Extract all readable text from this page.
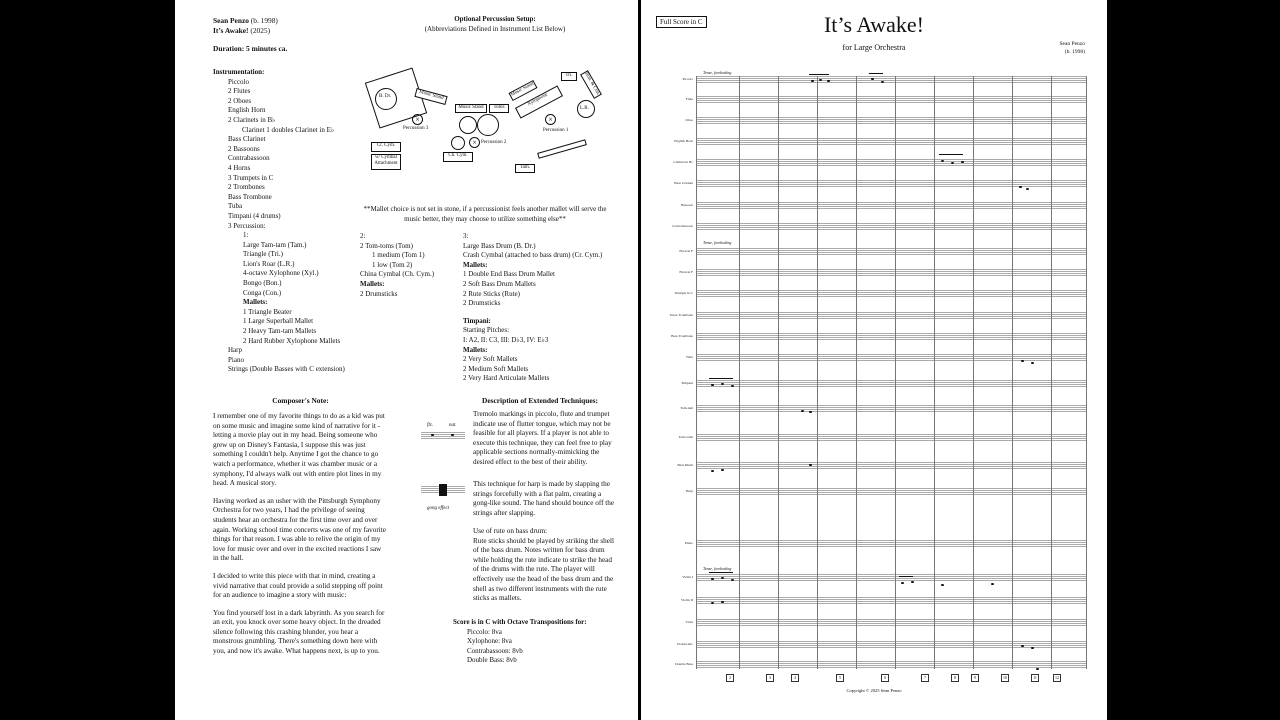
Sean Penzo (b. 1998)
It’s Awake! (2025)
Duration: 5 minutes ca.
Instrumentation:
Piccolo
2 Flutes
2 Oboes
English Horn
2 Clarinets in B♭
Clarinet 1 doubles Clarinet in E♭
Bass Clarinet
2 Bassoons
Contrabassoon
4 Horns
3 Trumpets in C
2 Trombones
Bass Trombone
Tuba
Timpani (4 drums)
3 Percussion:
1:
Large Tam-tam (Tam.)
Triangle (Tri.)
Lion's Roar (L.R.)
4-octave Xylophone (Xyl.)
Bongo (Bon.)
Conga (Con.)
Mallets:
1 Triangle Beater
1 Large Superball Mallet
2 Heavy Tam-tam Mallets
2 Hard Rubber Xylophone Mallets
Harp
Piano
Strings (Double Basses with C extension)
2:
2 Tom-toms (Tom)
1 medium (Tom 1)
1 low (Tom 2)
China Cymbal (Ch. Cym.)
Mallets:
2 Drumsticks
3:
Large Bass Drum (B. Dr.)
Crash Cymbal (attached to bass drum) (Cr. Cym.)
Mallets:
1 Double End Bass Drum Mallet
2 Soft Bass Drum Mallets
2 Rute Sticks (Rute)
2 Drumsticks
Timpani:
Starting Pitches:
I: A2, II: C3, III: D♭3, IV: E♭3
Mallets:
2 Very Soft Mallets
2 Medium Soft Mallets
2 Very Hard Articulate Mallets
Optional Percussion Setup:
(Abbreviations Defined in Instrument List Below)
B. Dr.	Music Stand
×
Percussion 3
Cr. Cym.
w/ Cymbal Attachment
Music Stand	Toms
× Percussion 2
Ch. Cym.
Music Stand
Xylophone
Tri.	Bon. & Con.
L.R.
×
Percussion 1
Tam.
**Mallet choice is not set in stone, if a percussionist feels another mallet will serve the music better, they may choose to utilize something else**
Composer's Note:

I remember one of my favorite things to do as a kid was put on some music and imagine some kind of narrative for it - letting a movie play out in my head. Being someone who grew up on Disney's Fantasia, I suppose this was just something I couldn't help. Anytime I got the chance to go watch a performance, whether it was chamber music or a symphony, I'd always walk out with entire plot lines in my head. A musical story.

Having worked as an usher with the Pittsburgh Symphony Orchestra for two years, I had the privilege of seeing students hear an orchestra for the first time over and over again. Working school time concerts was one of my favorite things for that reason. I was able to relive the origin of my love for music over and over in the excited reactions I saw in the hall.

I decided to write this piece with that in mind, creating a vivid narrative that could provide a solid stepping off point for an audience to imagine a story with music:

You find yourself lost in a dark labyrinth. As you search for an exit, you knock over some heavy object. In the dreaded silence following this crashing blunder, you hear a monstrous grumbling. There's something down here with you, and now it's awake. What happens next, is up to you.

Description of Extended Techniques:
flz.	nat.
Tremolo markings in piccolo, flute and trumpet indicate use of flutter tongue, which may not be feasible for all players. If a player is not able to execute this technique, they can feel free to play applicable sections normally-mimicking the desired effect to the best of their ability.
gong effect
This technique for harp is made by slapping the strings forcefully with a flat palm, creating a gong-like sound. The hand should bounce off the strings after slapping.
Use of rute on bass drum:
Rute sticks should be played by striking the shell of the bass drum. Notes written for bass drum while holding the rute indicate to strike the head of the drums with the rute. The player will effectively use the head of the bass drum and the shell as two different instruments with the rute sticks as mallets.
Score is in C with Octave Transpositions for:
Piccolo: 8va
Xylophone: 8va
Contrabassoon: 8vb
Double Bass: 8vb
Full Score in C	It’s Awake!
for Large Orchestra	Sean Penzo
(b. 1998)
Tense, foreboding
Tense, foreboding
Tense, foreboding
Piccolo
Flute
Oboe
English Horn
Clarinet in B♭
Bass Clarinet
Bassoon
Contrabassoon
Horn in F
Horn in F
Trumpet in C
Tenor Trombone
Bass Trombone
Tuba
Timpani
Tam-tam
Tom-toms
Bass Drum
Harp
Piano
Violin I
Violin II
Viola
Violoncello
Double Bass
2	3	4	5	6	7	8	9	10	11	12
Copyright © 2025 Sean Penzo
